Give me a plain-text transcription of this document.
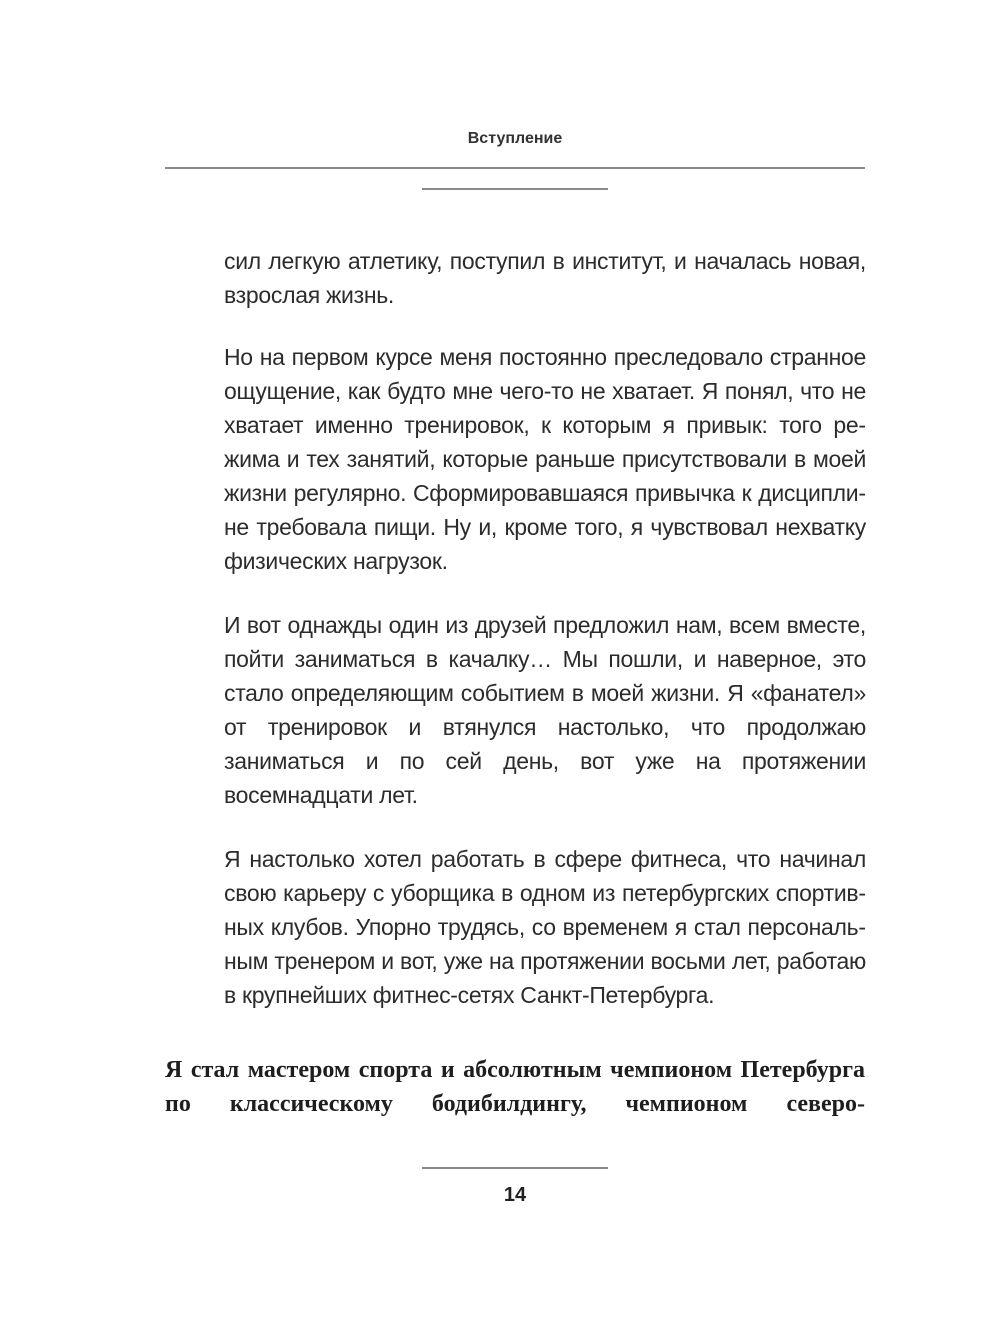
Вступление

сил легкую атлетику, поступил в институт, и началась новая, взрослая жизнь.

Но на первом курсе меня постоянно преследовало странное ощущение, как будто мне чего-то не хватает. Я понял, что не хватает именно тренировок, к которым я привык: того режима и тех занятий, которые раньше присутствовали в моей жизни регулярно. Сформировавшаяся привычка к дисциплине требовала пищи. Ну и, кроме того, я чувствовал нехватку физических нагрузок.

И вот однажды один из друзей предложил нам, всем вместе, пойти заниматься в качалку… Мы пошли, и наверное, это стало определяющим событием в моей жизни. Я «фанател» от тренировок и втянулся настолько, что продолжаю заниматься и по сей день, вот уже на протяжении восемнадцати лет.

Я настолько хотел работать в сфере фитнеса, что начинал свою карьеру с уборщика в одном из петербургских спортивных клубов. Упорно трудясь, со временем я стал персональным тренером и вот, уже на протяжении восьми лет, работаю в крупнейших фитнес-сетях Санкт-Петербурга.

Я стал мастером спорта и абсолютным чемпионом Петербурга по классическому бодибилдингу, чемпионом северо-

14
